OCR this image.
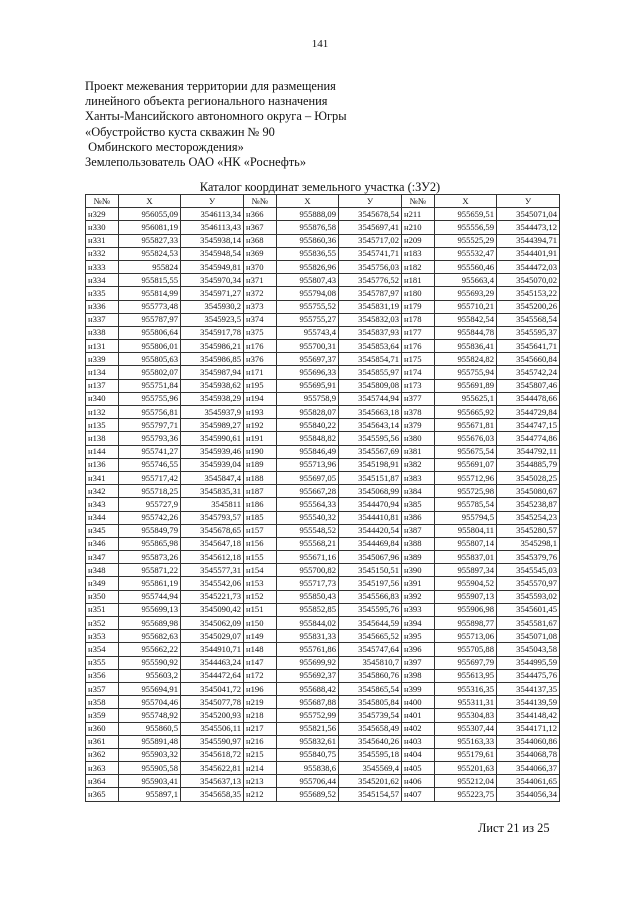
141
Проект межевания территории для размещения
линейного объекта регионального назначения
Ханты-Мансийского автономного округа – Югры
«Обустройство куста скважин № 90
Омбинского месторождения»
Землепользователь ОАО «НК «Роснефть»
Каталог координат земельного участка (:ЗУ2)
№№	X	У	№№	X	У	№№	X	У
н329	956055,09	3546113,34	н366	955888,09	3545678,54	н211	955659,51	3545071,04
н330	956081,19	3546113,43	н367	955876,58	3545697,41	н210	955556,59	3544473,12
н331	955827,33	3545938,14	н368	955860,36	3545717,02	н209	955525,29	3544394,71
н332	955824,53	3545948,54	н369	955836,55	3545741,71	н183	955532,47	3544401,91
н333	955824	3545949,81	н370	955826,96	3545756,03	н182	955560,46	3544472,03
н334	955815,55	3545970,34	н371	955807,43	3545776,52	н181	955663,4	3545070,02
н335	955814,99	3545971,27	н372	955794,08	3545787,97	н180	955693,29	3545153,22
н336	955773,48	3545930,2	н373	955755,52	3545831,19	н179	955710,21	3545200,26
н337	955787,97	3545923,5	н374	955755,27	3545832,03	н178	955842,54	3545568,54
н338	955806,64	3545917,78	н375	955743,4	3545837,93	н177	955844,78	3545595,37
н131	955806,01	3545986,21	н176	955700,31	3545853,64	н176	955836,41	3545641,71
н339	955805,63	3545986,85	н376	955697,37	3545854,71	н175	955824,82	3545660,84
н134	955802,07	3545987,94	н171	955696,33	3545855,97	н174	955755,94	3545742,24
н137	955751,84	3545938,62	н195	955695,91	3545809,08	н173	955691,89	3545807,46
н340	955755,96	3545938,29	н194	955758,9	3545744,94	н377	955625,1	3544478,66
н132	955756,81	3545937,9	н193	955828,07	3545663,18	н378	955665,92	3544729,84
н135	955797,71	3545989,27	н192	955840,22	3545643,14	н379	955671,81	3544747,15
н138	955793,36	3545990,61	н191	955848,82	3545595,56	н380	955676,03	3544774,86
н144	955741,27	3545939,46	н190	955846,49	3545567,69	н381	955675,54	3544792,11
н136	955746,55	3545939,04	н189	955713,96	3545198,91	н382	955691,07	3544885,79
н341	955717,42	3545847,4	н188	955697,05	3545151,87	н383	955712,96	3545028,25
н342	955718,25	3545835,31	н187	955667,28	3545068,99	н384	955725,98	3545080,67
н343	955727,9	3545811	н186	955564,33	3544470,94	н385	955785,54	3545238,87
н344	955742,26	3545793,57	н185	955540,32	3544410,81	н386	955794,5	3545254,23
н345	955849,79	3545678,65	н157	955548,52	3544420,54	н387	955804,11	3545280,57
н346	955865,98	3545647,18	н156	955568,21	3544469,84	н388	955807,14	3545298,1
н347	955873,26	3545612,18	н155	955671,16	3545067,96	н389	955837,01	3545379,76
н348	955871,22	3545577,31	н154	955700,82	3545150,51	н390	955897,34	3545545,03
н349	955861,19	3545542,06	н153	955717,73	3545197,56	н391	955904,52	3545570,97
н350	955744,94	3545221,73	н152	955850,43	3545566,83	н392	955907,13	3545593,02
н351	955699,13	3545090,42	н151	955852,85	3545595,76	н393	955906,98	3545601,45
н352	955689,98	3545062,09	н150	955844,02	3545644,59	н394	955898,77	3545581,67
н353	955682,63	3545029,07	н149	955831,33	3545665,52	н395	955713,06	3545071,08
н354	955662,22	3544910,71	н148	955761,86	3545747,64	н396	955705,88	3545043,58
н355	955590,92	3544463,24	н147	955699,92	3545810,7	н397	955697,79	3544995,59
н356	955603,2	3544472,64	н172	955692,37	3545860,76	н398	955613,95	3544475,76
н357	955694,91	3545041,72	н196	955688,42	3545865,54	н399	955316,35	3544137,35
н358	955704,46	3545077,78	н219	955687,88	3545805,84	н400	955311,31	3544139,59
н359	955748,92	3545200,93	н218	955752,99	3545739,54	н401	955304,83	3544148,42
н360	955860,5	3545506,11	н217	955821,56	3545658,49	н402	955307,44	3544171,12
н361	955891,48	3545590,97	н216	955832,61	3545640,26	н403	955163,33	3544060,86
н362	955903,32	3545618,72	н215	955840,75	3545595,18	н404	955179,61	3544068,78
н363	955905,58	3545622,81	н214	955838,6	3545569,4	н405	955201,63	3544066,37
н364	955903,41	3545637,13	н213	955706,44	3545201,62	н406	955212,04	3544061,65
н365	955897,1	3545658,35	н212	955689,52	3545154,57	н407	955223,75	3544056,34
Лист 21 из 25
